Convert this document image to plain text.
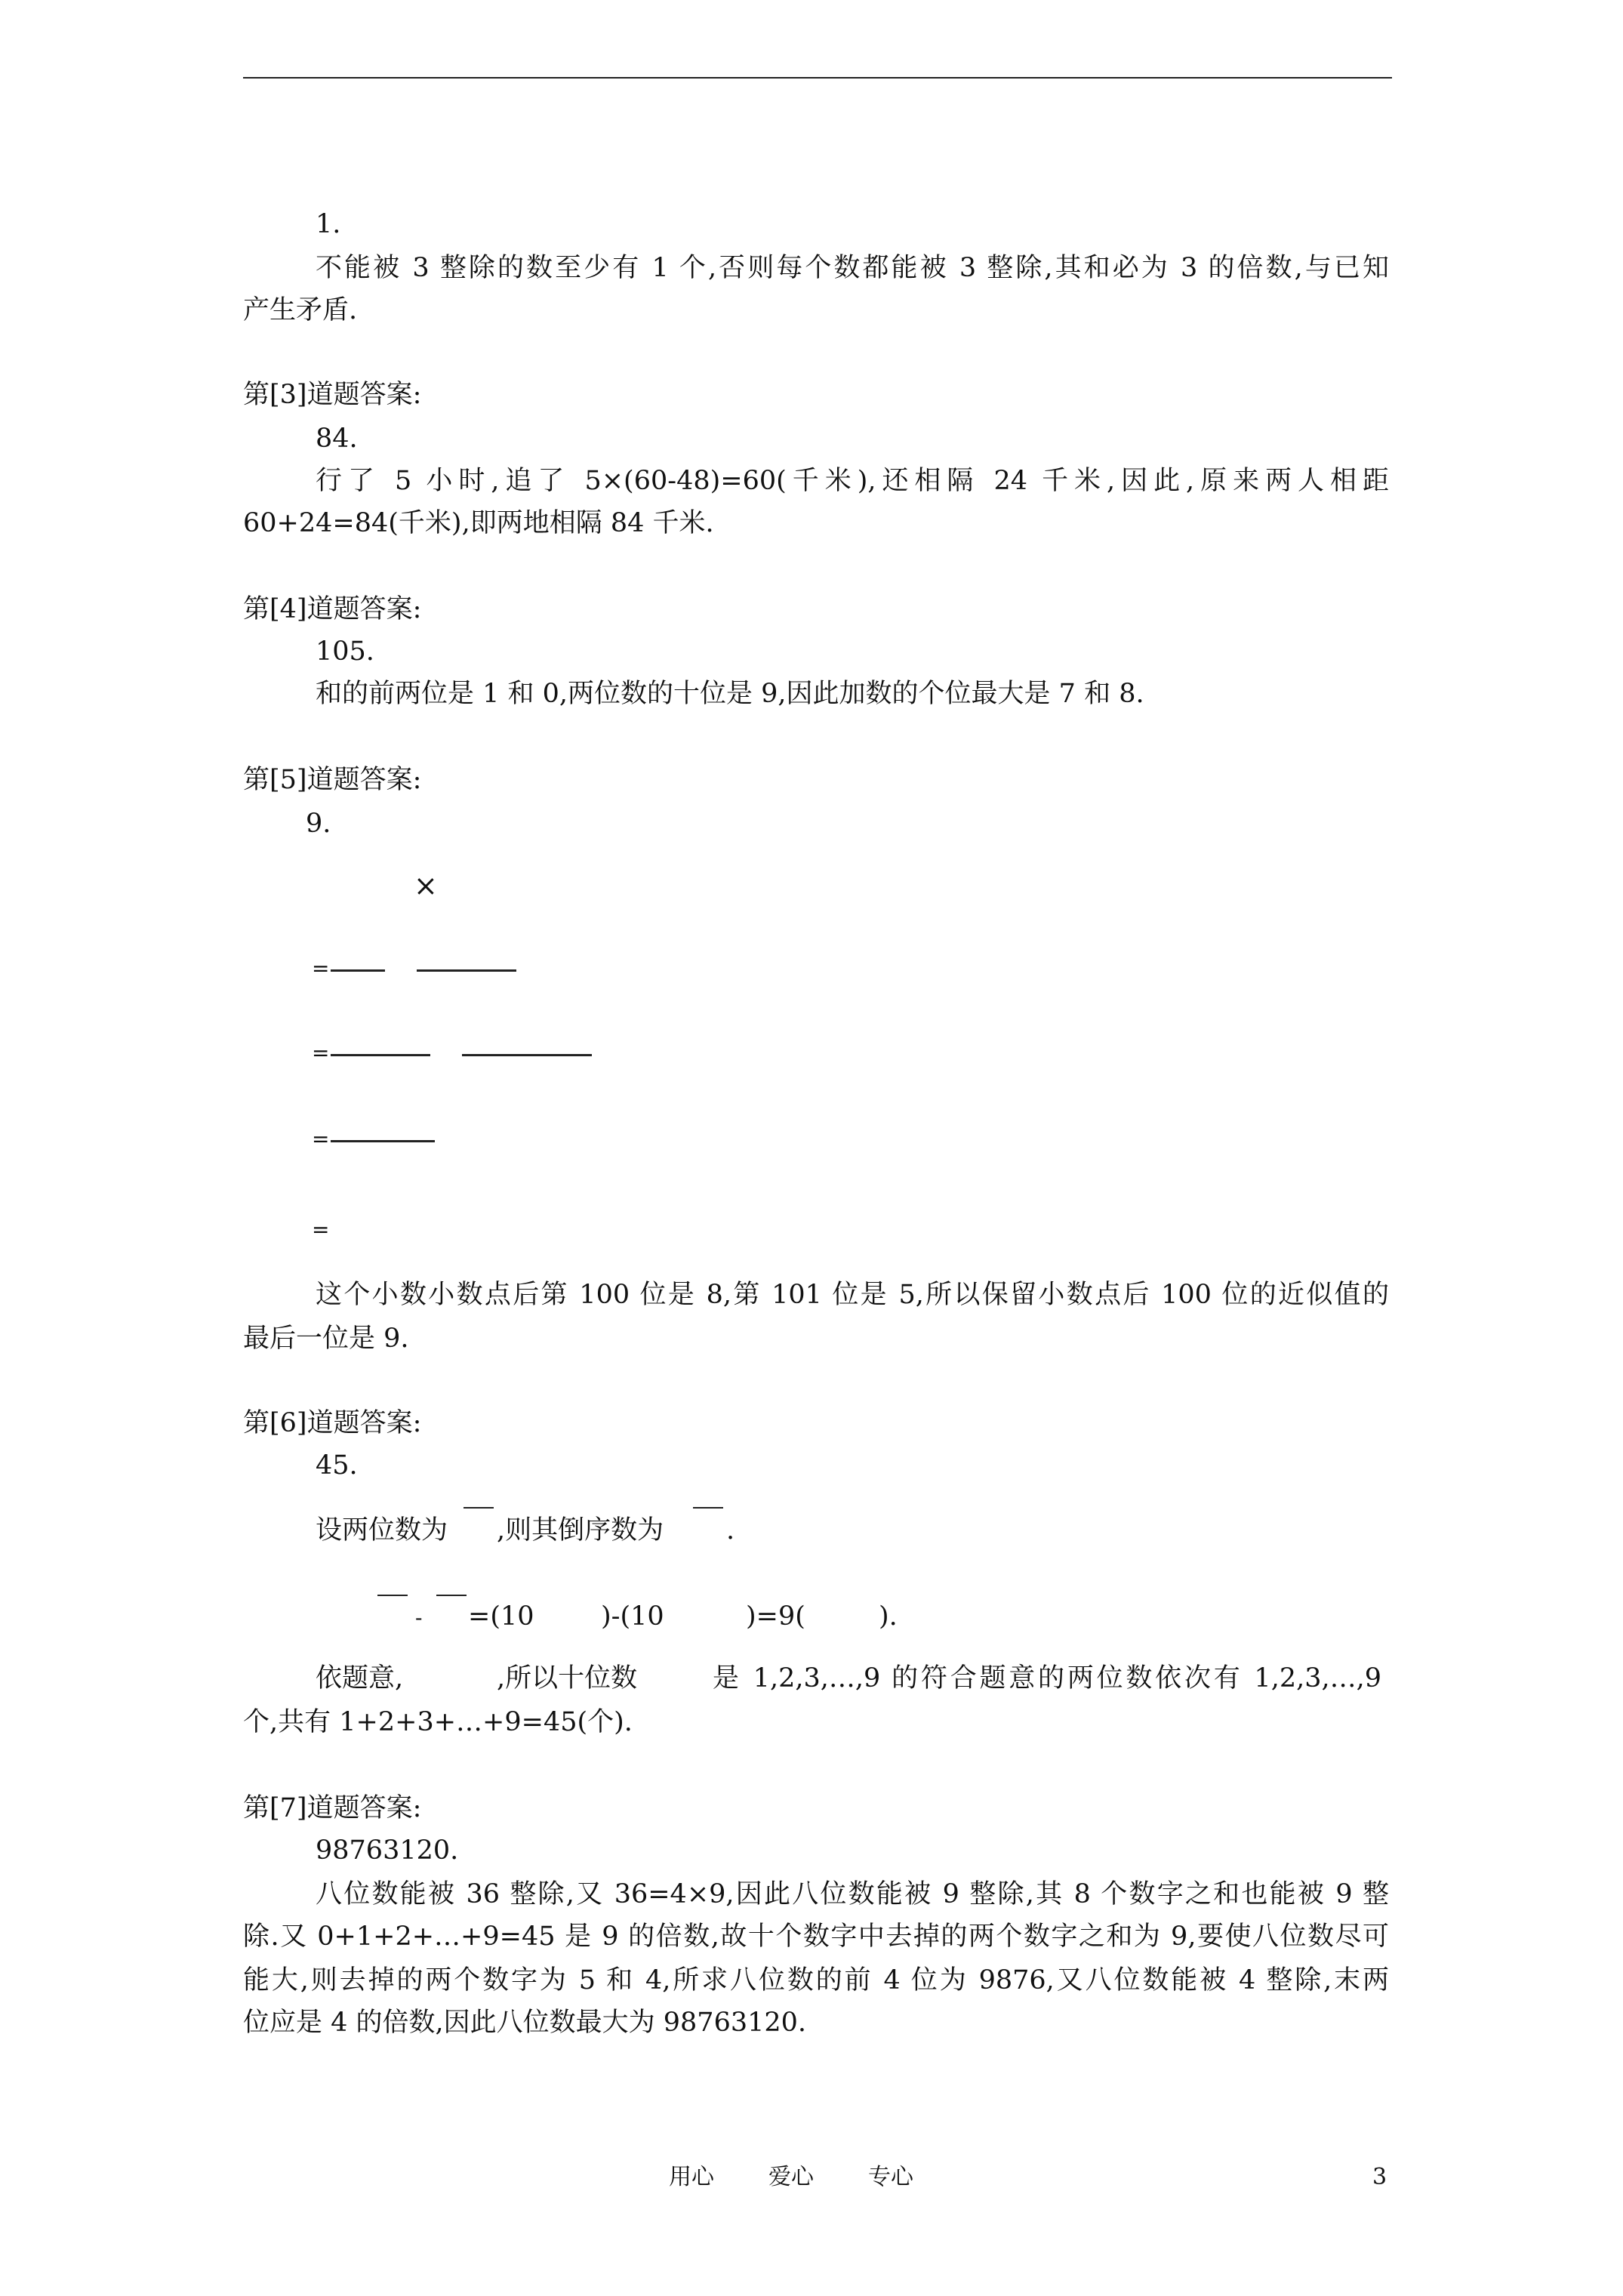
1.
不能被 3 整除的数至少有 1 个,否则每个数都能被 3 整除,其和必为 3 的倍数,与已知
产生矛盾.
第[3]道题答案:
84.
行了 5 小时,追了 5×(60-48)=60(千米),还相隔 24 千米,因此,原来两人相距
60+24=84(千米),即两地相隔 84 千米.
第[4]道题答案:
105.
和的前两位是 1 和 0,两位数的十位是 9,因此加数的个位最大是 7 和 8.
第[5]道题答案:
9.
×
=
=
=
=
这个小数小数点后第 100 位是 8,第 101 位是 5,所以保留小数点后 100 位的近似值的
最后一位是 9.
第[6]道题答案:
45.
设两位数为 ,则其倒序数为 .
- =(10	)-(10	)=9(	).
依题意,	,所以十位数	是 1,2,3,…,9 的符合题意的两位数依次有 1,2,3,…,9
个,共有 1+2+3+…+9=45(个).
第[7]道题答案:
98763120.
八位数能被 36 整除,又 36=4×9,因此八位数能被 9 整除,其 8 个数字之和也能被 9 整
除.又 0+1+2+…+9=45 是 9 的倍数,故十个数字中去掉的两个数字之和为 9,要使八位数尽可
能大,则去掉的两个数字为 5 和 4,所求八位数的前 4 位为 9876,又八位数能被 4 整除,末两
位应是 4 的倍数,因此八位数最大为 98763120.
用心 爱心 专心	3
